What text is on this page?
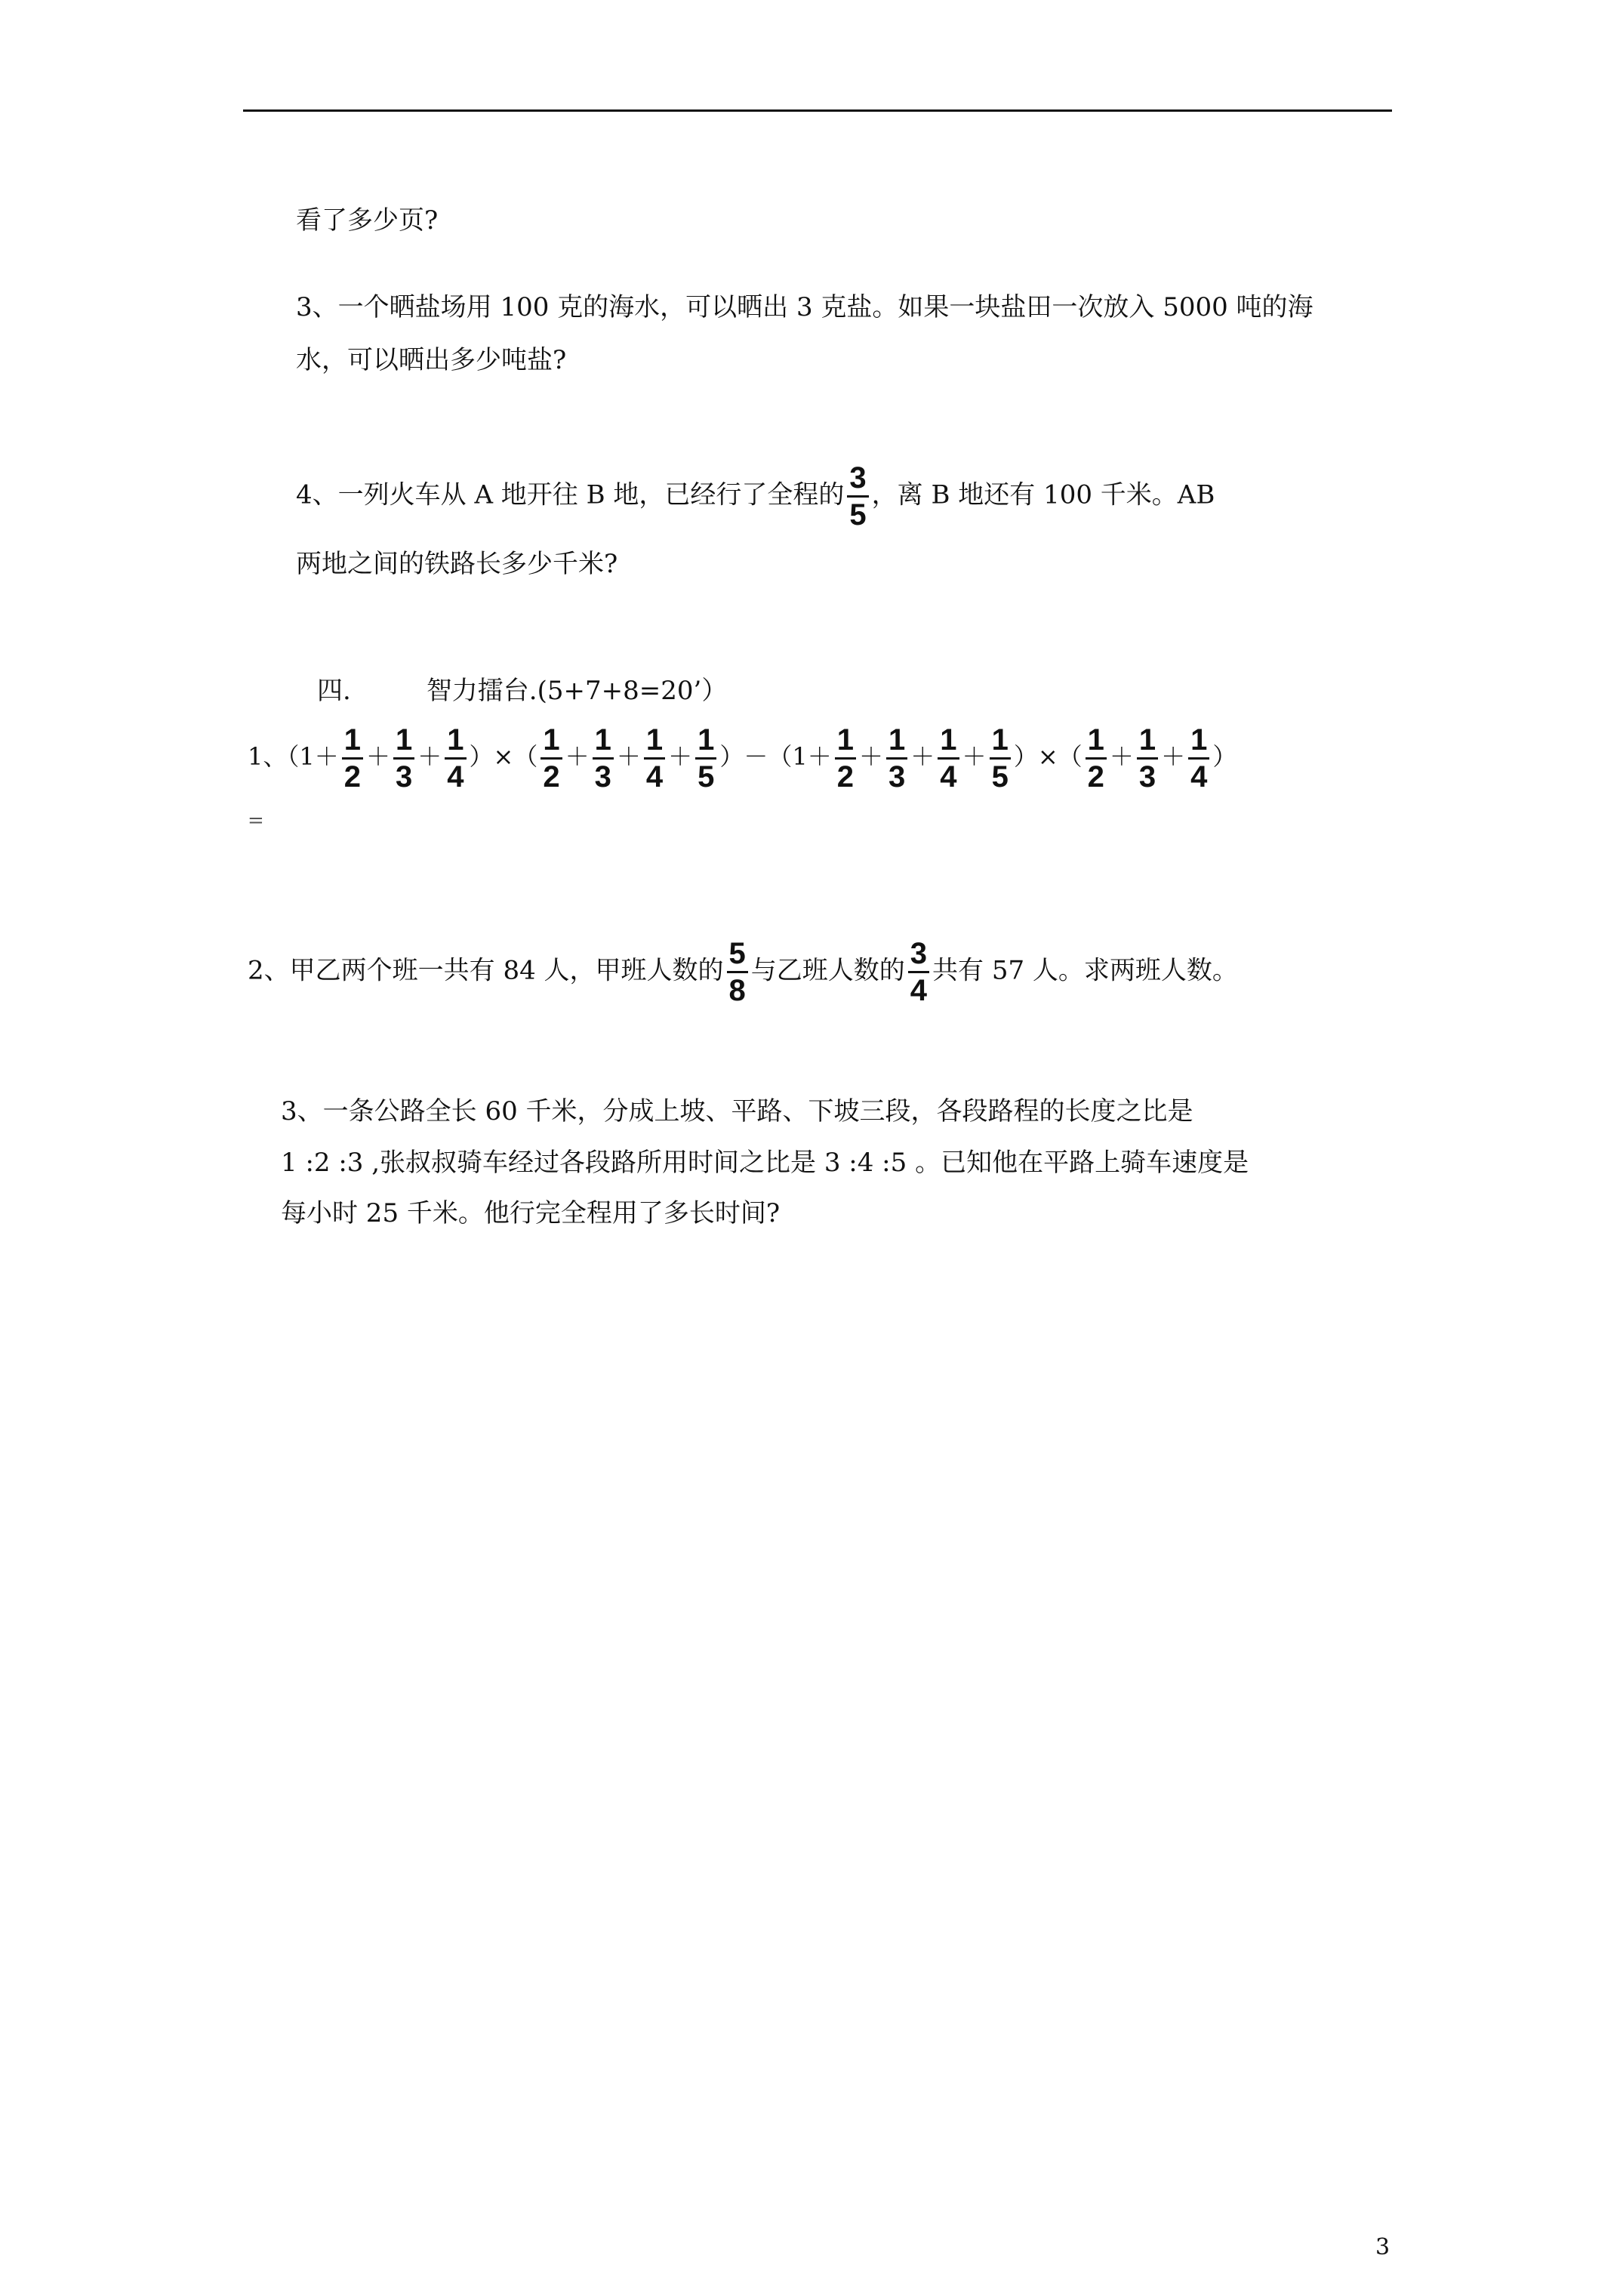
看了多少页?
3、一个晒盐场用 100 克的海水，可以晒出 3 克盐。如果一块盐田一次放入 5000 吨的海
水，可以晒出多少吨盐?
4、一列火车从 A 地开往 B 地，已经行了全程的 $\frac{3}{5}$ ，离 B 地还有 100 千米。AB
两地之间的铁路长多少千米?
四.	智力擂台.(5+7+8=20’）
1、（$1+ \frac{1}{2} + \frac{1}{3} + \frac{1}{4}$ ）×（ $\frac{1}{2} + \frac{1}{3} + \frac{1}{4} + \frac{1}{5} )-(1+ \frac{1}{2} + \frac{1}{3} + \frac{1}{4} + \frac{1}{5}$ ）×（ $\frac{1}{2} + \frac{1}{3} + \frac{1}{4}$ ）
=
2、甲乙两个班一共有 84 人，甲班人数的 $\frac{5}{8}$ 与乙班人数的 $\frac{3}{4}$ 共有 57 人。求两班人数。
3、一条公路全长 60 千米，分成上坡、平路、下坡三段，各段路程的长度之比是
1 :2 :3 ,张叔叔骑车经过各段路所用时间之比是 3 :4 :5 。已知他在平路上骑车速度是
每小时 25 千米。他行完全程用了多长时间?
3
